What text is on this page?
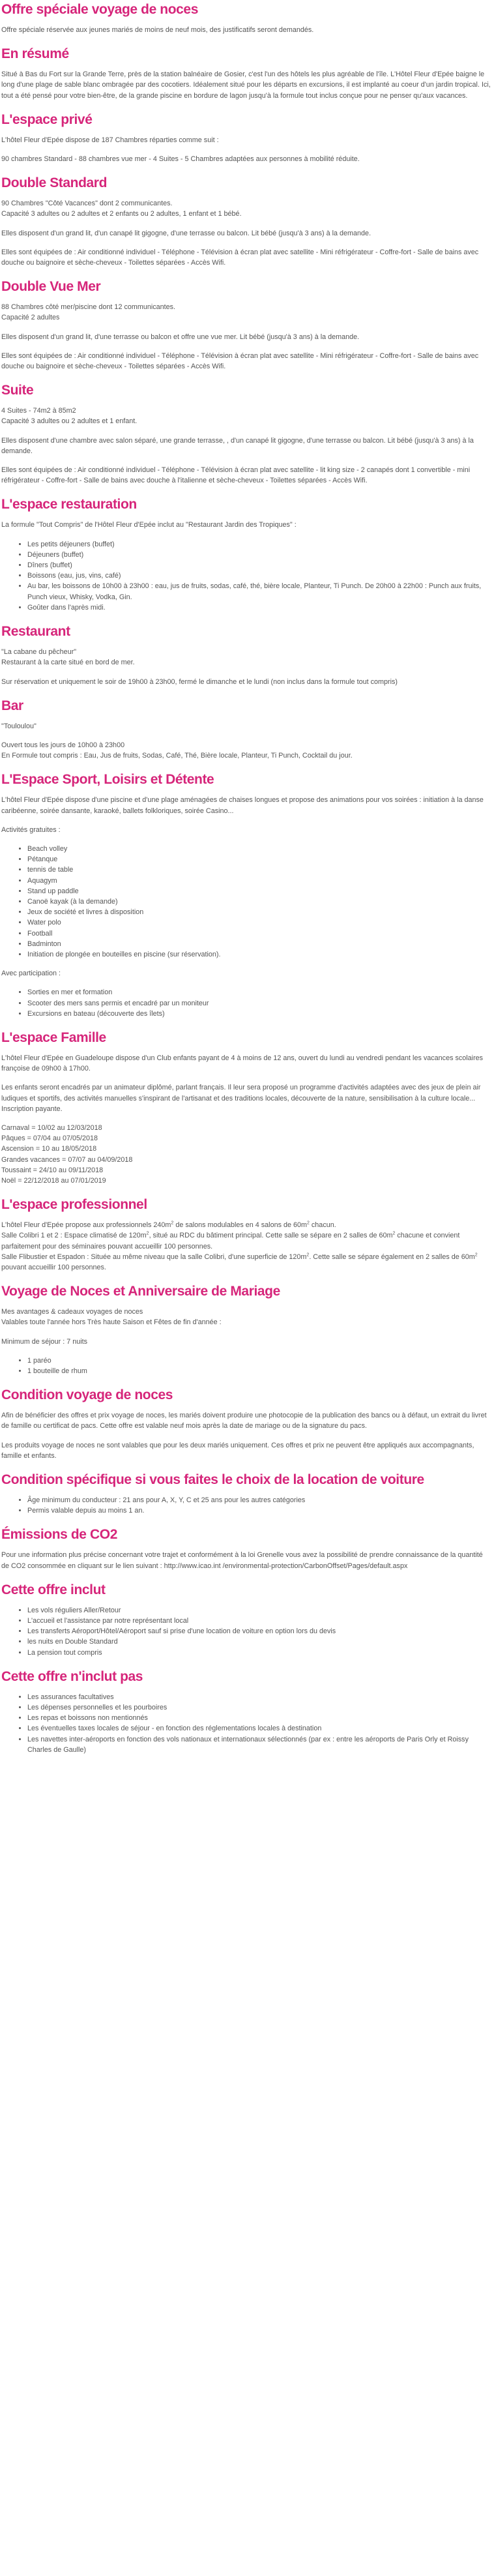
Offre spéciale voyage de noces

Offre spéciale réservée aux jeunes mariés de moins de neuf mois, des justificatifs seront demandés.

En résumé

Situé à Bas du Fort sur la Grande Terre, près de la station balnéaire de Gosier, c'est l'un des hôtels les plus agréable de l'île. L'Hôtel Fleur d'Epée baigne le long d'une plage de sable blanc ombragée par des cocotiers. Idéalement situé pour les départs en excursions, il est implanté au coeur d'un jardin tropical. Ici, tout a été pensé pour votre bien-être, de la grande piscine en bordure de lagon jusqu'à la formule tout inclus conçue pour ne penser qu'aux vacances.

L'espace privé

L'hôtel Fleur d'Epée dispose de 187 Chambres réparties comme suit :

90 chambres Standard - 88 chambres vue mer - 4 Suites - 5 Chambres adaptées aux personnes à mobilité réduite.

Double Standard

90 Chambres "Côté Vacances" dont 2 communicantes.

Capacité 3 adultes ou 2 adultes et 2 enfants ou 2 adultes, 1 enfant et 1 bébé.

Elles disposent d'un grand lit, d'un canapé lit gigogne, d'une terrasse ou balcon. Lit bébé (jusqu'à 3 ans) à la demande.

Elles sont équipées de : Air conditionné individuel - Téléphone - Télévision à écran plat avec satellite - Mini réfrigérateur - Coffre-fort - Salle de bains avec douche ou baignoire et sèche-cheveux - Toilettes séparées - Accès Wifi.

Double Vue Mer

88 Chambres côté mer/piscine dont 12 communicantes.

Capacité 2 adultes

Elles disposent d'un grand lit, d'une terrasse ou balcon et offre une vue mer. Lit bébé (jusqu'à 3 ans) à la demande.

Elles sont équipées de : Air conditionné individuel - Téléphone - Télévision à écran plat avec satellite - Mini réfrigérateur - Coffre-fort - Salle de bains avec douche ou baignoire et sèche-cheveux - Toilettes séparées - Accès Wifi.

Suite

4 Suites - 74m2 à 85m2

Capacité 3 adultes ou 2 adultes et 1 enfant.

Elles disposent d'une chambre avec salon séparé, une grande terrasse, , d'un canapé lit gigogne, d'une terrasse ou balcon. Lit bébé (jusqu'à 3 ans) à la demande.

Elles sont équipées de : Air conditionné individuel - Téléphone - Télévision à écran plat avec satellite - lit king size - 2 canapés dont 1 convertible - mini réfrigérateur - Coffre-fort - Salle de bains avec douche à l'italienne et sèche-cheveux - Toilettes séparées - Accès Wifi.

L'espace restauration

La formule "Tout Compris" de l'Hôtel Fleur d'Epée inclut au "Restaurant Jardin des Tropiques" :

• Les petits déjeuners (buffet)
• Déjeuners (buffet)
• Dîners (buffet)
• Boissons (eau, jus, vins, café)
• Au bar, les boissons de 10h00 à 23h00 : eau, jus de fruits, sodas, café, thé, bière locale, Planteur, Ti Punch. De 20h00 à 22h00 : Punch aux fruits, Punch vieux, Whisky, Vodka, Gin.
• Goûter dans l'après midi.
Restaurant

"La cabane du pêcheur"

Restaurant à la carte situé en bord de mer.

Sur réservation et uniquement le soir de 19h00 à 23h00, fermé le dimanche et le lundi (non inclus dans la formule tout compris)

Bar

"Touloulou"

Ouvert tous les jours de 10h00 à 23h00

En Formule tout compris : Eau, Jus de fruits, Sodas, Café, Thé, Bière locale, Planteur, Ti Punch, Cocktail du jour.

L'Espace Sport, Loisirs et Détente

L'hôtel Fleur d'Epée dispose d'une piscine et d'une plage aménagées de chaises longues et propose des animations pour vos soirées : initiation à la danse caribéenne, soirée dansante, karaoké, ballets folkloriques, soirée Casino...

Activités gratuites :

• Beach volley
• Pétanque
• tennis de table
• Aquagym
• Stand up paddle
• Canoë kayak (à la demande)
• Jeux de société et livres à disposition
• Water polo
• Football
• Badminton
• Initiation de plongée en bouteilles en piscine (sur réservation).

Avec participation :

• Sorties en mer et formation
• Scooter des mers sans permis et encadré par un moniteur
• Excursions en bateau (découverte des îlets)
L'espace Famille

L'hôtel Fleur d'Epée en Guadeloupe dispose d'un Club enfants payant de 4 à moins de 12 ans, ouvert du lundi au vendredi pendant les vacances scolaires françoise de 09h00 à 17h00.

Les enfants seront encadrés par un animateur diplômé, parlant français. Il leur sera proposé un programme d'activités adaptées avec des jeux de plein air ludiques et sportifs, des activités manuelles s'inspirant de l'artisanat et des traditions locales, découverte de la nature, sensibilisation à la culture locale... Inscription payante.

Carnaval = 10/02 au 12/03/2018

Pâques = 07/04 au 07/05/2018

Ascension = 10 au 18/05/2018

Grandes vacances = 07/07 au 04/09/2018

Toussaint = 24/10 au 09/11/2018

Noël = 22/12/2018 au 07/01/2019

L'espace professionnel

L'hôtel Fleur d'Epée propose aux professionnels $240m^2$ de salons modulables en 4 salons de $60m^2$ chacun.

Salle Colibri 1 et 2 : Espace climatisé de $120m^2$, situé au RDC du bâtiment principal. Cette salle se sépare en 2 salles de $60m^2$ chacune et convient parfaitement pour des séminaires pouvant accueillir 100 personnes.

Salle Flibustier et Espadon : Située au même niveau que la salle Colibri, d'une superficie de $120m^2$. Cette salle se sépare également en 2 salles de $60m^2$ pouvant accueillir 100 personnes.

Voyage de Noces et Anniversaire de Mariage

Mes avantages & cadeaux voyages de noces

Valables toute l'année hors Très haute Saison et Fêtes de fin d'année :

Minimum de séjour : 7 nuits

• 1 paréo
• 1 bouteille de rhum
Condition voyage de noces

Afin de bénéficier des offres et prix voyage de noces, les mariés doivent produire une photocopie de la publication des bancs ou à défaut, un extrait du livret de famille ou certificat de pacs. Cette offre est valable neuf mois après la date de mariage ou de la signature du pacs.

Les produits voyage de noces ne sont valables que pour les deux mariés uniquement. Ces offres et prix ne peuvent être appliqués aux accompagnants, famille et enfants.

Condition spécifique si vous faites le choix de la location de voiture
• Âge minimum du conducteur : 21 ans pour A, X, Y, C et 25 ans pour les autres catégories
• Permis valable depuis au moins 1 an.
Émissions de CO2

Pour une information plus précise concernant votre trajet et conformément à la loi Grenelle vous avez la possibilité de prendre connaissance de la quantité de CO2 consommée en cliquant sur le lien suivant : http://www.icao.int /environmental-protection/CarbonOffset/Pages/default.aspx

Cette offre inclut
• Les vols réguliers Aller/Retour
• L'accueil et l'assistance par notre représentant local
• Les transferts Aéroport/Hôtel/Aéroport sauf si prise d'une location de voiture en option lors du devis
• les nuits en Double Standard
• La pension tout compris
Cette offre n'inclut pas
• Les assurances facultatives
• Les dépenses personnelles et les pourboires
• Les repas et boissons non mentionnés
• Les éventuelles taxes locales de séjour - en fonction des réglementations locales à destination
• Les navettes inter-aéroports en fonction des vols nationaux et internationaux sélectionnés (par ex : entre les aéroports de Paris Orly et Roissy Charles de Gaulle)
